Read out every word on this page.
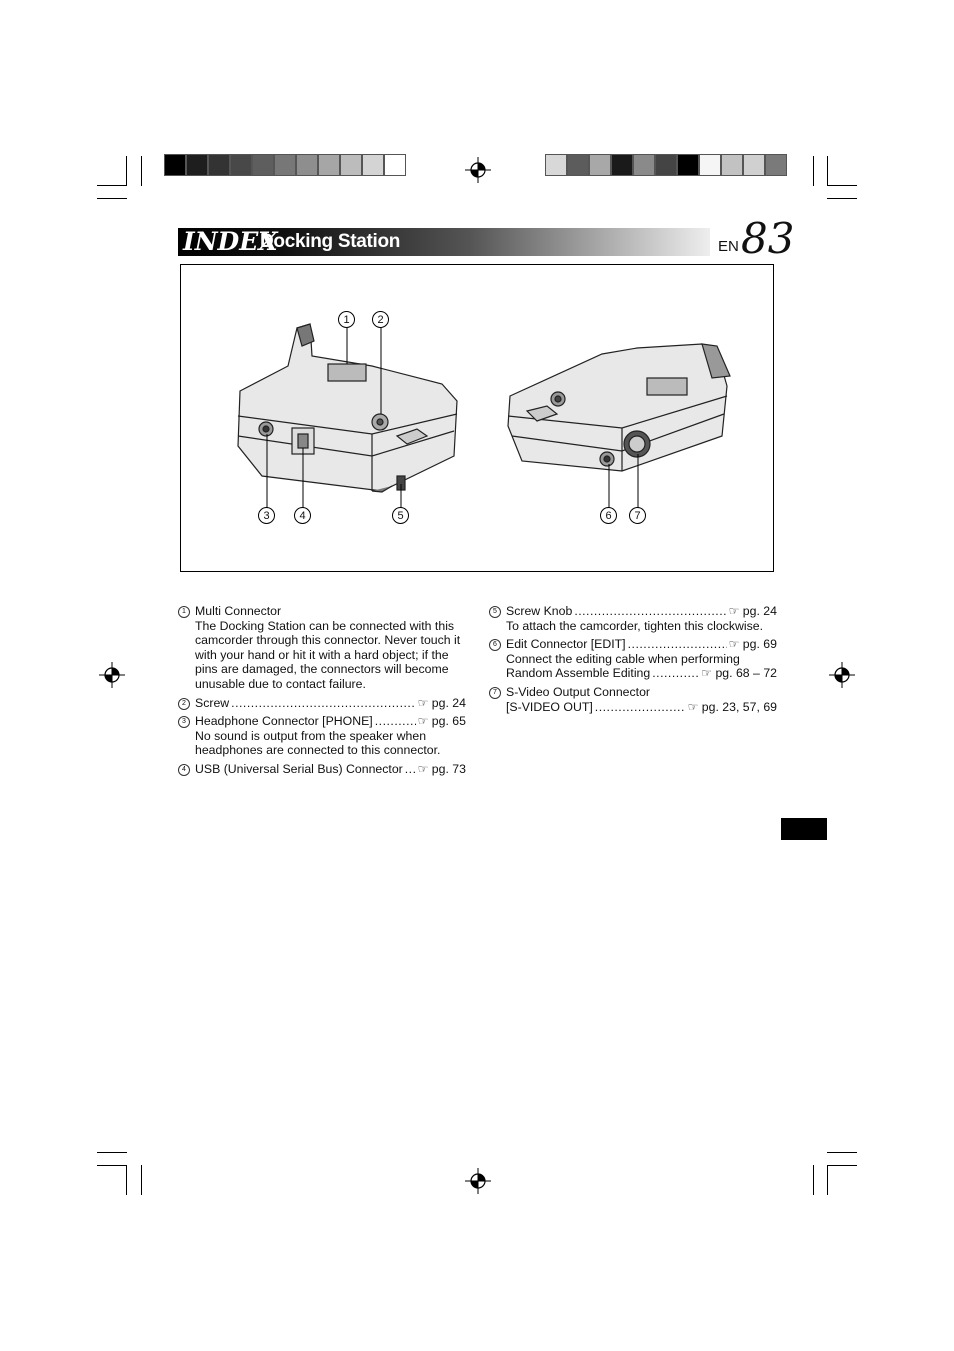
INDEX
Docking Station	EN 83
1	2
3	4	5	6	7
1 Multi Connector
The Docking Station can be connected with this camcorder through this connector. Never touch it with your hand or hit it with a hard object; if the pins are damaged, the connectors will become unusable due to contact failure.
2 Screw .....	☞ pg. 24
3 Headphone Connector [PHONE] .....	☞ pg. 65
No sound is output from the speaker when headphones are connected to this connector.
4 USB (Universal Serial Bus) Connector ..... ☞ pg. 73
5 Screw Knob .....	☞ pg. 24
To attach the camcorder, tighten this clockwise.
6 Edit Connector [EDIT] .....	☞ pg. 69
Connect the editing cable when performing
Random Assemble Editing .....	☞ pg. 68 – 72
7 S-Video Output Connector
[S-VIDEO OUT] .....	☞ pg. 23, 57, 69
